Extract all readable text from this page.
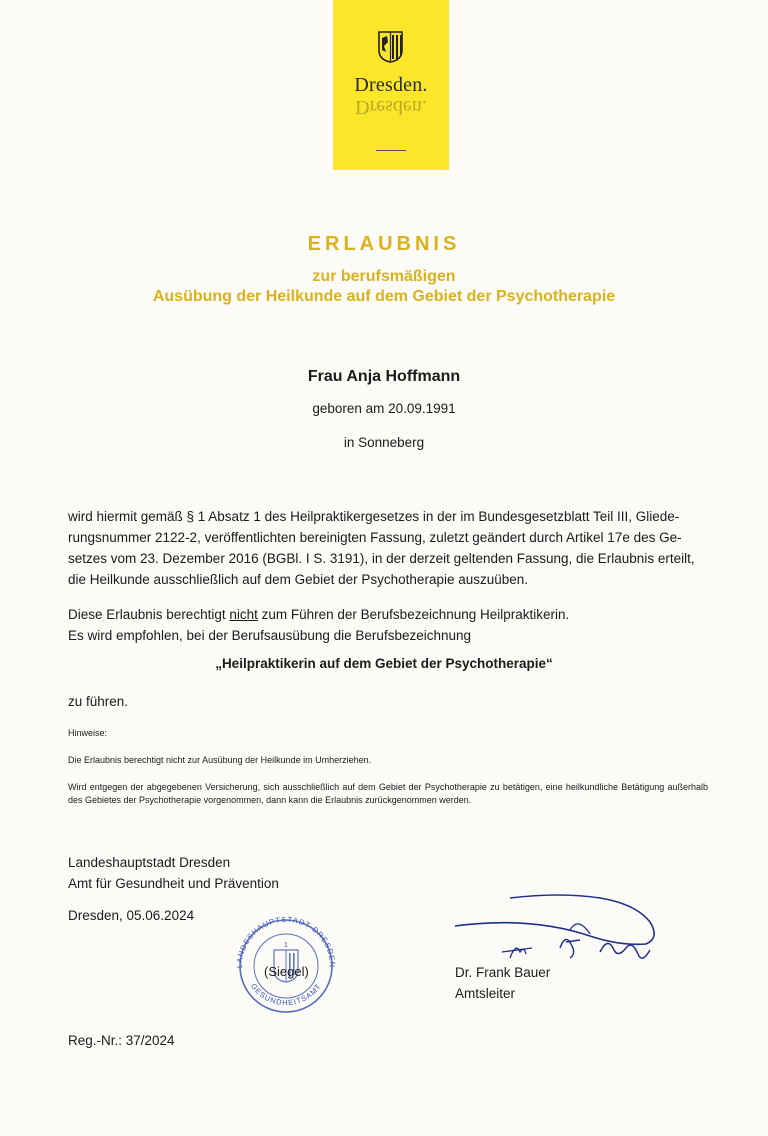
Dresden.
Dresden.
ERLAUBNIS
zur berufsmäßigen
Ausübung der Heilkunde auf dem Gebiet der Psychotherapie
Frau Anja Hoffmann
geboren am 20.09.1991
in Sonneberg

wird hiermit gemäß § 1 Absatz 1 des Heilpraktikergesetzes in der im Bundesgesetzblatt Teil III, Gliede-

rungsnummer 2122-2, veröffentlichten bereinigten Fassung, zuletzt geändert durch Artikel 17e des Ge-

setzes vom 23. Dezember 2016 (BGBl. I S. 3191), in der derzeit geltenden Fassung, die Erlaubnis erteilt,

die Heilkunde ausschließlich auf dem Gebiet der Psychotherapie auszuüben.

Diese Erlaubnis berechtigt nicht zum Führen der Berufsbezeichnung Heilpraktikerin.

Es wird empfohlen, bei der Berufsausübung die Berufsbezeichnung

„Heilpraktikerin auf dem Gebiet der Psychotherapie“
zu führen.
Hinweise:
Die Erlaubnis berechtigt nicht zur Ausübung der Heilkunde im Umherziehen.
Wird entgegen der abgegebenen Versicherung, sich ausschließlich auf dem Gebiet der Psychotherapie zu betätigen, eine heilkundliche Betätigung außerhalb des Gebietes der Psychotherapie vorgenommen, dann kann die Erlaubnis zurückgenommen werden.
Landeshauptstadt Dresden
Amt für Gesundheit und Prävention
Dresden, 05.06.2024
LANDESHAUPTSTADT DRESDEN
GESUNDHEITSAMT
1
(Siegel)	Dr. Frank Bauer
Amtsleiter
Reg.-Nr.: 37/2024
